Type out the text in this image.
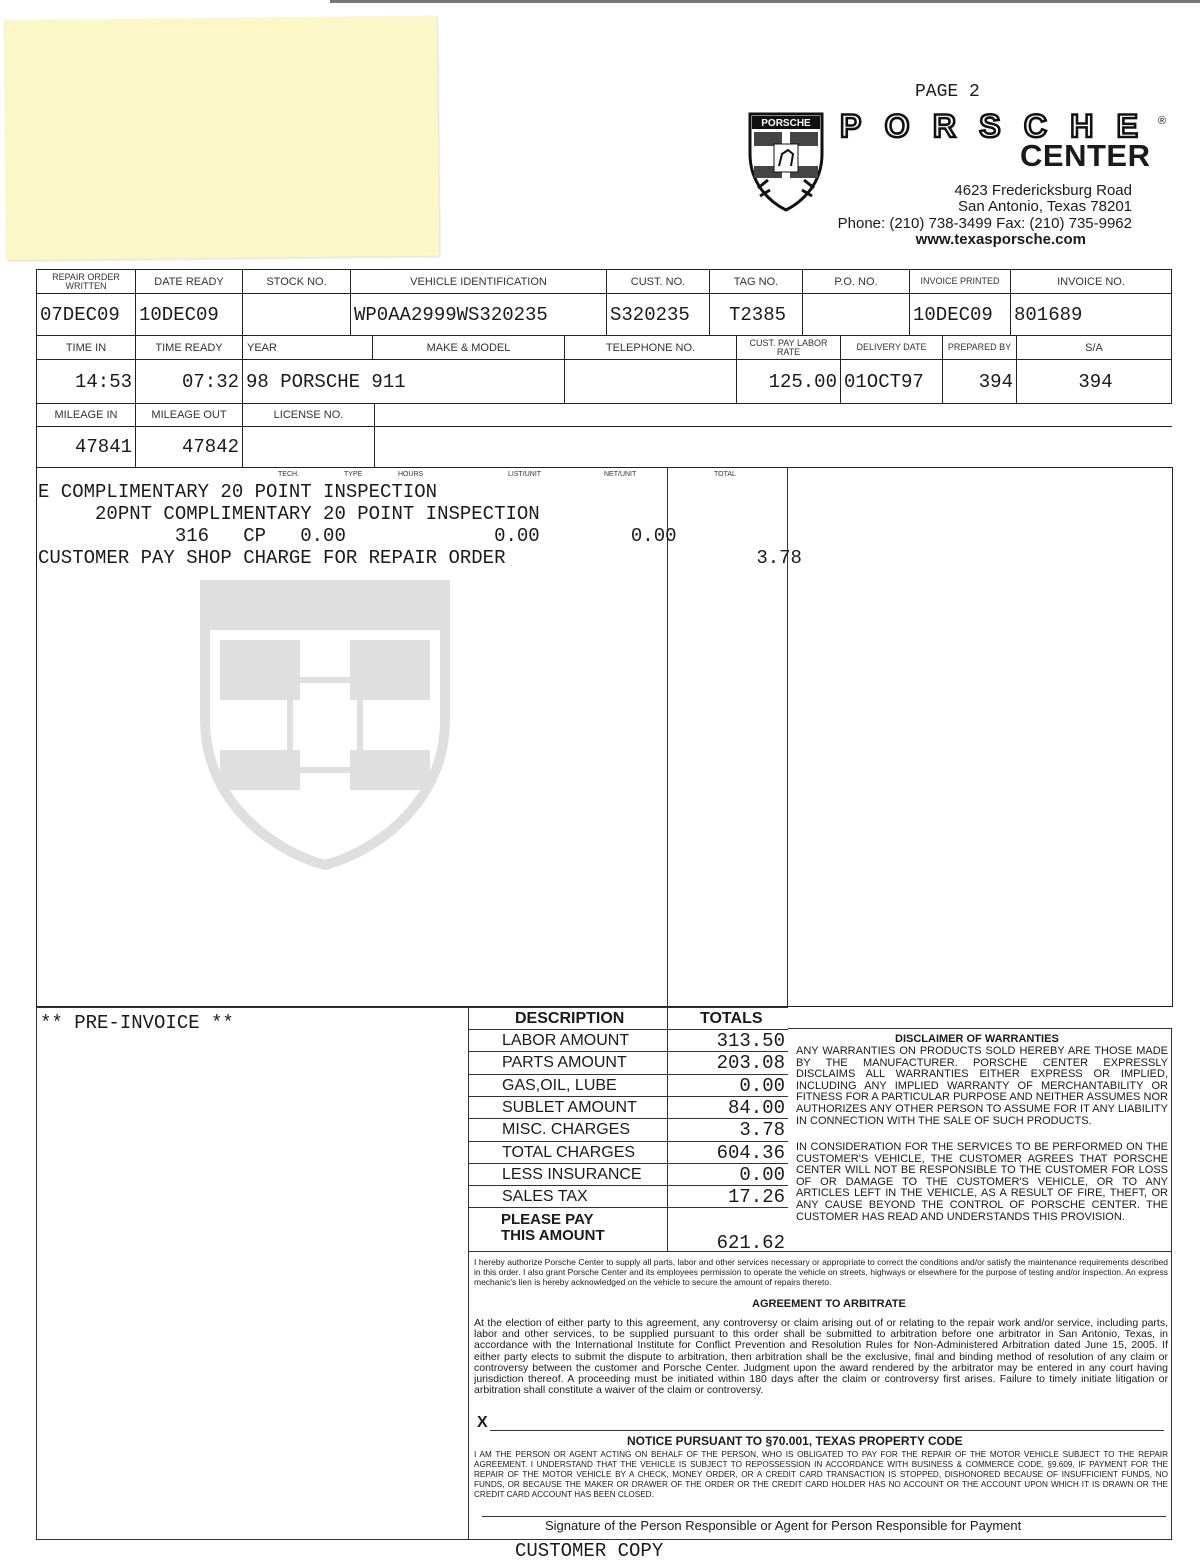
PAGE 2
PORSCHE PORSCHE ®
CENTER
4623 Fredericksburg Road
San Antonio, Texas 78201
Phone: (210) 738-3499 Fax: (210) 735-9962
www.texasporsche.com
REPAIR ORDER WRITTEN	DATE READY	STOCK NO.	VEHICLE IDENTIFICATION	CUST. NO.	TAG NO.	P.O. NO.	INVOICE PRINTED	INVOICE NO.
07DEC09	10DEC09		WP0AA2999WS320235	S320235	T2385		10DEC09	801689
TIME IN	TIME READY	YEAR	MAKE & MODEL	TELEPHONE NO.	CUST. PAY LABOR RATE	DELIVERY DATE	PREPARED BY	S/A
14:53	07:32	98 PORSCHE 911			125.00	01OCT97	394	394
MILEAGE IN	MILEAGE OUT	LICENSE NO.	
47841	47842		
TECH.	TYPE	HOURS	LIST/UNIT	NET/UNIT	TOTAL
E COMPLIMENTARY 20 POINT INSPECTION
20PNT COMPLIMENTARY 20 POINT INSPECTION
316   CP   0.00             0.00        0.00
CUSTOMER PAY SHOP CHARGE FOR REPAIR ORDER                      3.78
** PRE-INVOICE **	DESCRIPTION	TOTALS
LABOR AMOUNT	313.50
PARTS AMOUNT	203.08
GAS,OIL, LUBE	0.00
SUBLET AMOUNT	84.00
MISC. CHARGES	3.78
TOTAL CHARGES	604.36
LESS INSURANCE	0.00
SALES TAX	17.26
PLEASE PAY
THIS AMOUNT	621.62
DISCLAIMER OF WARRANTIES
ANY WARRANTIES ON PRODUCTS SOLD HEREBY ARE THOSE MADE BY THE MANUFACTURER. PORSCHE CENTER EXPRESSLY DISCLAIMS ALL WARRANTIES EITHER EXPRESS OR IMPLIED, INCLUDING ANY IMPLIED WARRANTY OF MERCHANTABILITY OR FITNESS FOR A PARTICULAR PURPOSE AND NEITHER ASSUMES NOR AUTHORIZES ANY OTHER PERSON TO ASSUME FOR IT ANY LIABILITY IN CONNECTION WITH THE SALE OF SUCH PRODUCTS.
IN CONSIDERATION FOR THE SERVICES TO BE PERFORMED ON THE CUSTOMER'S VEHICLE, THE CUSTOMER AGREES THAT PORSCHE CENTER WILL NOT BE RESPONSIBLE TO THE CUSTOMER FOR LOSS OF OR DAMAGE TO THE CUSTOMER'S VEHICLE, OR TO ANY ARTICLES LEFT IN THE VEHICLE, AS A RESULT OF FIRE, THEFT, OR ANY CAUSE BEYOND THE CONTROL OF PORSCHE CENTER. THE CUSTOMER HAS READ AND UNDERSTANDS THIS PROVISION.
I hereby authorize Porsche Center to supply all parts, labor and other services necessary or appropriate to correct the conditions and/or satisfy the maintenance requirements described in this order. I also grant Porsche Center and its employees permission to operate the vehicle on streets, highways or elsewhere for the purpose of testing and/or inspection. An express mechanic's lien is hereby acknowledged on the vehicle to secure the amount of repairs thereto.
AGREEMENT TO ARBITRATE
At the election of either party to this agreement, any controversy or claim arising out of or relating to the repair work and/or service, including parts, labor and other services, to be supplied pursuant to this order shall be submitted to arbitration before one arbitrator in San Antonio, Texas, in accordance with the International Institute for Conflict Prevention and Resolution Rules for Non-Administered Arbitration dated June 15, 2005. If either party elects to submit the dispute to arbitration, then arbitration shall be the exclusive, final and binding method of resolution of any claim or controversy between the customer and Porsche Center. Judgment upon the award rendered by the arbitrator may be entered in any court having jurisdiction thereof. A proceeding must be initiated within 180 days after the claim or controversy first arises. Failure to timely initiate litigation or arbitration shall constitute a waiver of the claim or controversy.
X
NOTICE PURSUANT TO §70.001, TEXAS PROPERTY CODE
I AM THE PERSON OR AGENT ACTING ON BEHALF OF THE PERSON, WHO IS OBLIGATED TO PAY FOR THE REPAIR OF THE MOTOR VEHICLE SUBJECT TO THE REPAIR AGREEMENT. I UNDERSTAND THAT THE VEHICLE IS SUBJECT TO REPOSSESSION IN ACCORDANCE WITH BUSINESS & COMMERCE CODE, §9.609, IF PAYMENT FOR THE REPAIR OF THE MOTOR VEHICLE BY A CHECK, MONEY ORDER, OR A CREDIT CARD TRANSACTION IS STOPPED, DISHONORED BECAUSE OF INSUFFICIENT FUNDS, NO FUNDS, OR BECAUSE THE MAKER OR DRAWER OF THE ORDER OR THE CREDIT CARD HOLDER HAS NO ACCOUNT OR THE ACCOUNT UPON WHICH IT IS DRAWN OR THE CREDIT CARD ACCOUNT HAS BEEN CLOSED.
Signature of the Person Responsible or Agent for Person Responsible for Payment
CUSTOMER COPY
